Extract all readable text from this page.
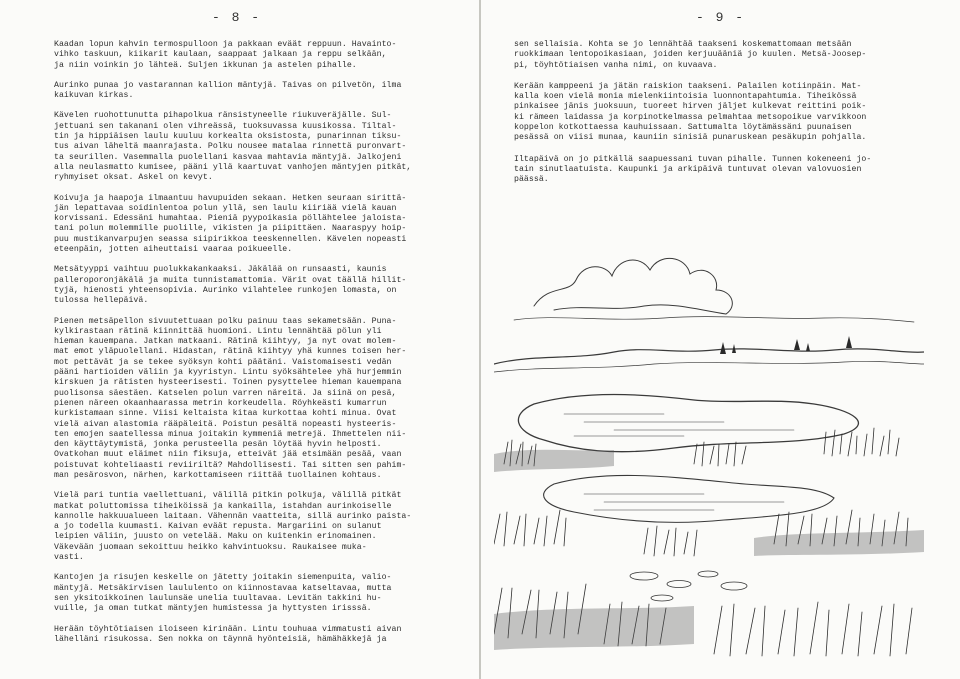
- 8 -

Kaadan lopun kahvin termospulloon ja pakkaan eväät reppuun. Havainto-
vihko taskuun, kiikarit kaulaan, saappaat jalkaan ja reppu selkään,
ja niin voinkin jo lähteä. Suljen ikkunan ja astelen pihalle.

Aurinko punaa jo vastarannan kallion mäntyjä. Taivas on pilvetön, ilma
kaikuvan kirkas.

Kävelen ruohottunutta pihapolkua ränsistyneelle riukuveräjälle. Sul-
jettuani sen takanani olen vihreässä, tuoksuvassa kuusikossa. Tiltal-
tin ja hippiäisen laulu kuuluu korkealta oksistosta, punarinnan tiksu-
tus aivan läheltä maanrajasta. Polku nousee matalaa rinnettä puronvart-
ta seurillen. Vasemmalla puolellani kasvaa mahtavia mäntyjä. Jalkojeni
alla neulasmatto kumisee, pääni yllä kaartuvat vanhojen mäntyjen pitkät,
ryhmyiset oksat. Askel on kevyt.

Koivuja ja haapoja ilmaantuu havupuiden sekaan. Hetken seuraan sirittä-
jän lepattavaa soidinlentoa polun yllä, sen laulu kiiriää vielä kauan
korvissani. Edessäni humahtaa. Pieniä pyypoikasia pöllähtelee jaloista-
tani polun molemmille puolille, vikisten ja piipittäen. Naaraspyy hoip-
puu mustikanvarpujen seassa siipirikkoa teeskennellen. Kävelen nopeasti
eteenpäin, jotten aiheuttaisi vaaraa poikueelle.

Metsätyyppi vaihtuu puolukkakankaaksi. Jäkälää on runsaasti, kaunis
palleroporonjäkälä ja muita tunnistamattomia. Värit ovat täällä hillit-
tyjä, hienosti yhteensopivia. Aurinko vilahtelee runkojen lomasta, on
tulossa hellepäivä.

Pienen metsäpellon sivuutettuaan polku painuu taas sekametsään. Puna-
kylkirastaan rätinä kiinnittää huomioni. Lintu lennähtää pölun yli
hieman kauempana. Jatkan matkaani. Rätinä kiihtyy, ja nyt ovat molem-
mat emot yläpuolellani. Hidastan, rätinä kiihtyy yhä kunnes toisen her-
mot pettävät ja se tekee syöksyn kohti päätäni. Vaistomaisesti vedän
pääni hartioiden väliin ja kyyristyn. Lintu syöksähtelee yhä hurjemmin
kirskuen ja rätisten hysteerisesti. Toinen pysyttelee hieman kauempana
puolisonsa säestäen. Katselen polun varren näreitä. Ja siinä on pesä,
pienen näreen okaanhaarassa metrin korkeudella. Röyhkeästi kumarrun
kurkistamaan sinne. Viisi keltaista kitaa kurkottaa kohti minua. Ovat
vielä aivan alastomia rääpäleitä. Poistun pesältä nopeasti hysteeris-
ten emojen saatellessa minua joitakin kymmeniä metrejä. Ihmettelen nii-
den käyttäytymistä, jonka perusteella pesän löytää hyvin helposti.
Ovatkohan muut eläimet niin fiksuja, etteivät jää etsimään pesää, vaan
poistuvat kohteliaasti reviiriltä? Mahdollisesti. Tai sitten sen pahim-
man pesärosvon, närhen, karkottamiseen riittää tuollainen kohtaus.

Vielä pari tuntia vaellettuani, välillä pitkin polkuja, välillä pitkät
matkat poluttomissa tiheiköissä ja kankailla, istahdan aurinkoiselle
kannolle hakkuualueen laitaan. Vähennän vaatteita, sillä aurinko paista-
a jo todella kuumasti. Kaivan eväät repusta. Margariini on sulanut
leipien väliin, juusto on vetelää. Maku on kuitenkin erinomainen.
Väkevään juomaan sekoittuu heikko kahvintuoksu. Raukaisee muka-
vasti.

Kantojen ja risujen keskelle on jätetty joitakin siemenpuita, valio-
mäntyjä. Metsäkirvisen laululento on kiinnostavaa katseltavaa, mutta
sen yksitoikkoinen laulunsäe unelia tuultavaa. Levitän takkini hu-
vuille, ja oman tutkat mäntyjen humistessa ja hyttysten irisssä.

Herään töyhtötiaisen iloiseen kirinään. Lintu touhuaa vimmatusti aivan
lähelläni risukossa. Sen nokka on täynnä hyönteisiä, hämähäkkejä ja

- 9 -

sen sellaisia. Kohta se jo lennähtää taakseni koskemattomaan metsään
ruokkimaan lentopoikasiaan, joiden kerjuuääniä jo kuulen. Metsä-Joosep-
pi, töyhtötiaisen vanha nimi, on kuvaava.

Kerään kamppeeni ja jätän raiskion taakseni. Palailen kotiinpäin. Mat-
kalla koen vielä monia mielenkiintoisia luonnontapahtumia. Tiheikössä
pinkaisee jänis juoksuun, tuoreet hirven jäljet kulkevat reittini poik-
ki rämeen laidassa ja korpinotkelmassa pelmahtaa metsopoikue varvikkoon
koppelon kotkottaessa kauhuissaan. Sattumalta löytämässäni puunaisen
pesässä on viisi munaa, kauniin sinisiä punaruskean pesäkupin pohjalla.

Iltapäivä on jo pitkällä saapuessani tuvan pihalle. Tunnen kokeneeni jo-
tain sinutlaatuista. Kaupunki ja arkipäivä tuntuvat olevan valovuosien
päässä.
